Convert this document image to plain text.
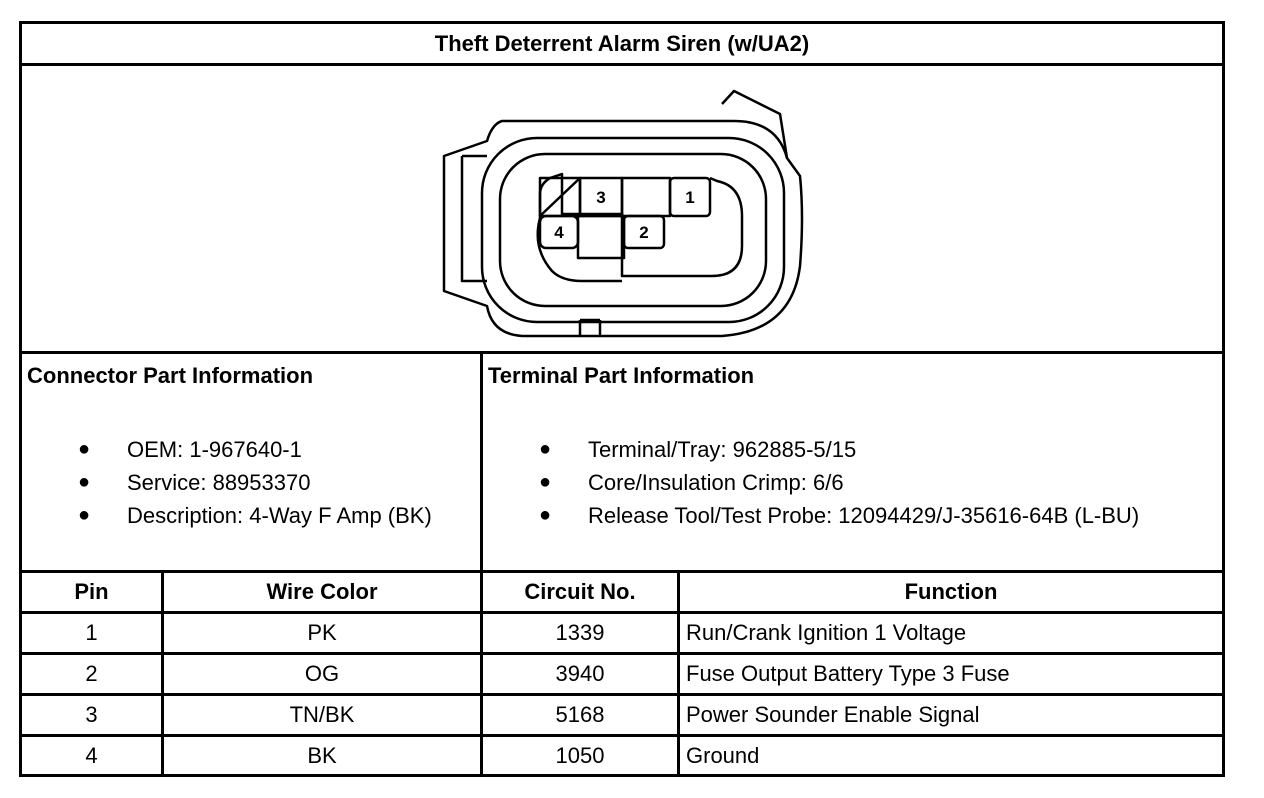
Theft Deterrent Alarm Siren (w/UA2)
3	1
4	2
Connector Part Information
● OEM: 1-967640-1
● Service: 88953370
● Description: 4-Way F Amp (BK)
Terminal Part Information
● Terminal/Tray: 962885-5/15
● Core/Insulation Crimp: 6/6
● Release Tool/Test Probe: 12094429/J-35616-64B (L-BU)
Pin	Wire Color	Circuit No.	Function
1	PK	1339	Run/Crank Ignition 1 Voltage
2	OG	3940	Fuse Output Battery Type 3 Fuse
3	TN/BK	5168	Power Sounder Enable Signal
4	BK	1050	Ground
